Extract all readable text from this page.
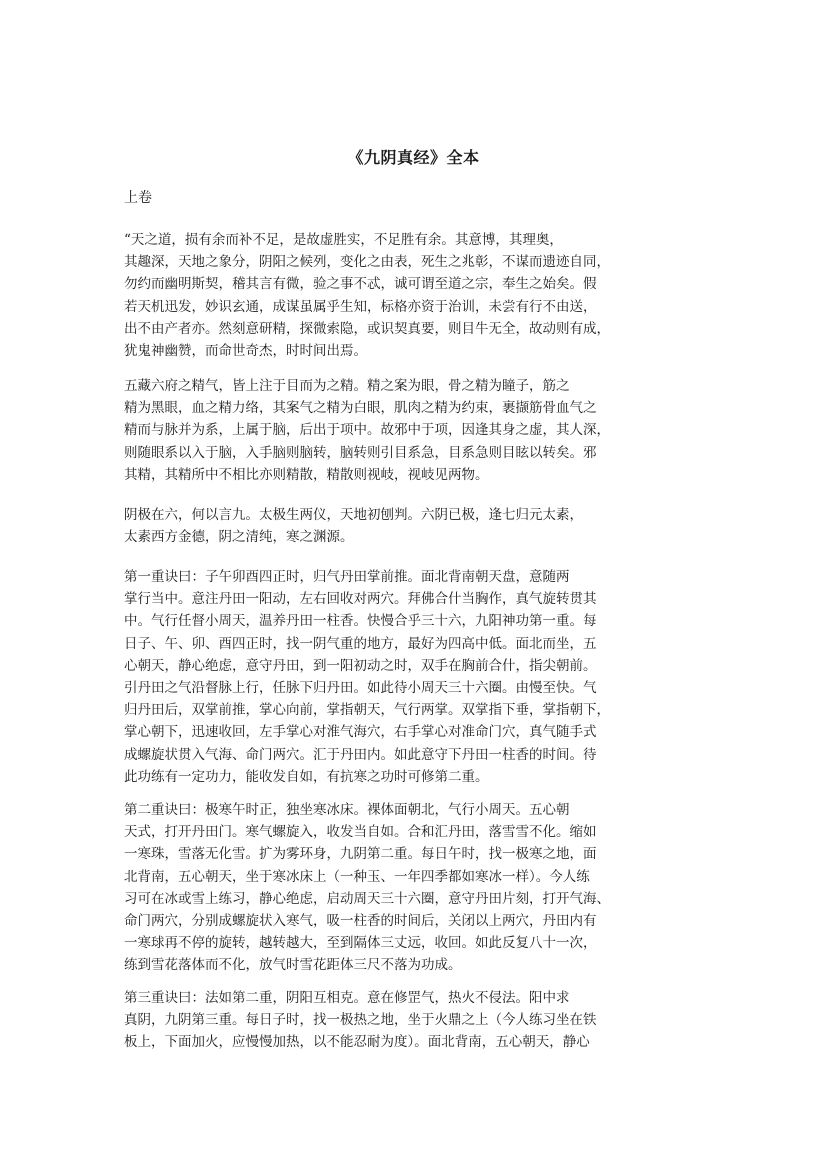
《九阴真经》全本
上卷
“天之道，损有余而补不足，是故虚胜实，不足胜有余。其意博，其理奥，
其趣深，天地之象分，阴阳之候列，变化之由表，死生之兆彰，不谋而遗迹自同，
勿约而幽明斯契，稽其言有微，验之事不忒，诚可谓至道之宗，奉生之始矣。假
若天机迅发，妙识玄通，成谋虽属乎生知，标格亦资于治训，未尝有行不由送，
出不由产者亦。然刻意研精，探微索隐，或识契真要，则目牛无全，故动则有成，
犹鬼神幽赞，而命世奇杰，时时间出焉。
五藏六府之精气，皆上注于目而为之精。精之案为眼，骨之精为瞳子，筋之
精为黑眼，血之精力络，其案气之精为白眼，肌肉之精为约束，裹撷筋骨血气之
精而与脉并为系，上属于脑，后出于项中。故邪中于项，因逢其身之虚，其人深，
则随眼系以入于脑，入手脑则脑转，脑转则引目系急，目系急则目眩以转矣。邪
其精，其精所中不相比亦则精散，精散则视岐，视岐见两物。
阴极在六，何以言九。太极生两仪，天地初刨判。六阴已极，逢七归元太素，
太素西方金德，阴之清纯，寒之渊源。
第一重诀曰：子午卯酉四正时，归气丹田掌前推。面北背南朝天盘，意随两
掌行当中。意注丹田一阳动，左右回收对两穴。拜佛合什当胸作，真气旋转贯其
中。气行任督小周天，温养丹田一柱香。快慢合乎三十六，九阳神功第一重。每
日子、午、卯、酉四正时，找一阴气重的地方，最好为四高中低。面北而坐，五
心朝天，静心绝虑，意守丹田，到一阳初动之时，双手在胸前合什，指尖朝前。
引丹田之气沿督脉上行，任脉下归丹田。如此待小周天三十六圈。由慢至快。气
归丹田后，双掌前推，掌心向前，掌指朝天，气行两掌。双掌指下垂，掌指朝下，
掌心朝下，迅速收回，左手掌心对淮气海穴，右手掌心对准命门穴，真气随手式
成螺旋状贯入气海、命门两穴。汇于丹田内。如此意守下丹田一柱香的时间。待
此功练有一定功力，能收发自如，有抗寒之功时可修第二重。
第二重诀曰：极寒午时正，独坐寒冰床。裸体面朝北，气行小周天。五心朝
天式，打开丹田门。寒气螺旋入，收发当自如。合和汇丹田，落雪雪不化。缩如
一寒珠，雪落无化雪。扩为雾环身，九阴第二重。每日午时，找一极寒之地，面
北背南，五心朝天，坐于寒冰床上（一种玉、一年四季都如寒冰一样）。今人练
习可在冰或雪上练习，静心绝虑，启动周天三十六圈，意守丹田片刻，打开气海、
命门两穴，分别成螺旋状入寒气，吸一柱香的时间后，关闭以上两穴，丹田内有
一寒球再不停的旋转，越转越大，至到隔体三丈远，收回。如此反复八十一次，
练到雪花落体而不化，放气时雪花距体三尺不落为功成。
第三重诀曰：法如第二重，阴阳互相克。意在修罡气，热火不侵法。阳中求
真阴，九阴第三重。每日子时，找一极热之地，坐于火鼎之上（今人练习坐在铁
板上，下面加火，应慢慢加热，以不能忍耐为度）。面北背南，五心朝天，静心
